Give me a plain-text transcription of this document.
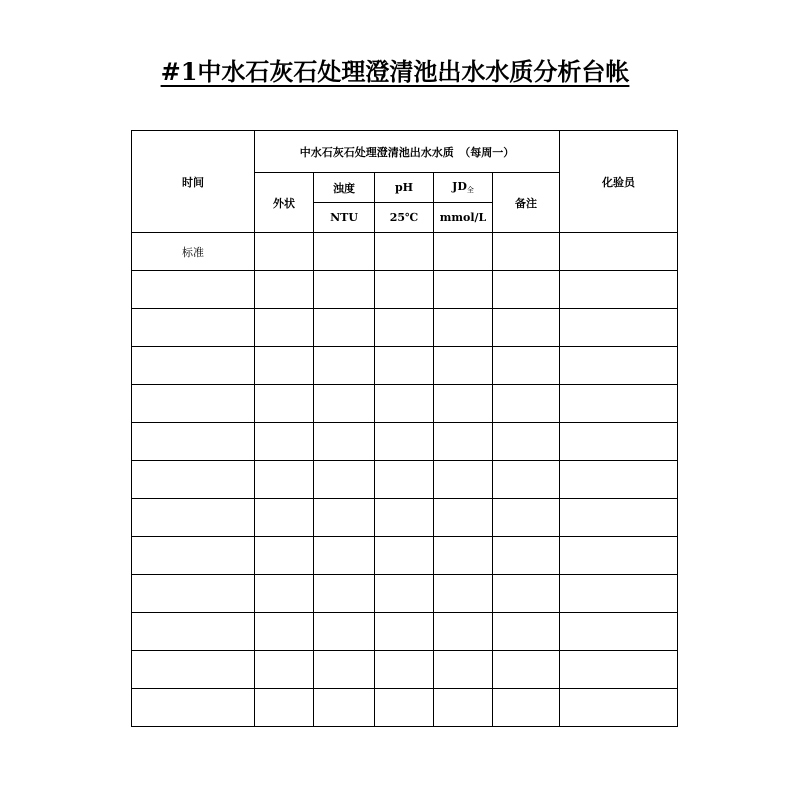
#1中水石灰石处理澄清池出水水质分析台帐
时间	中水石灰石处理澄清池出水水质　（每周一）					化验员
	外状	浊度	pH	$JD_全$	备注	
		NTU	25℃	mmol/L		
标准						
